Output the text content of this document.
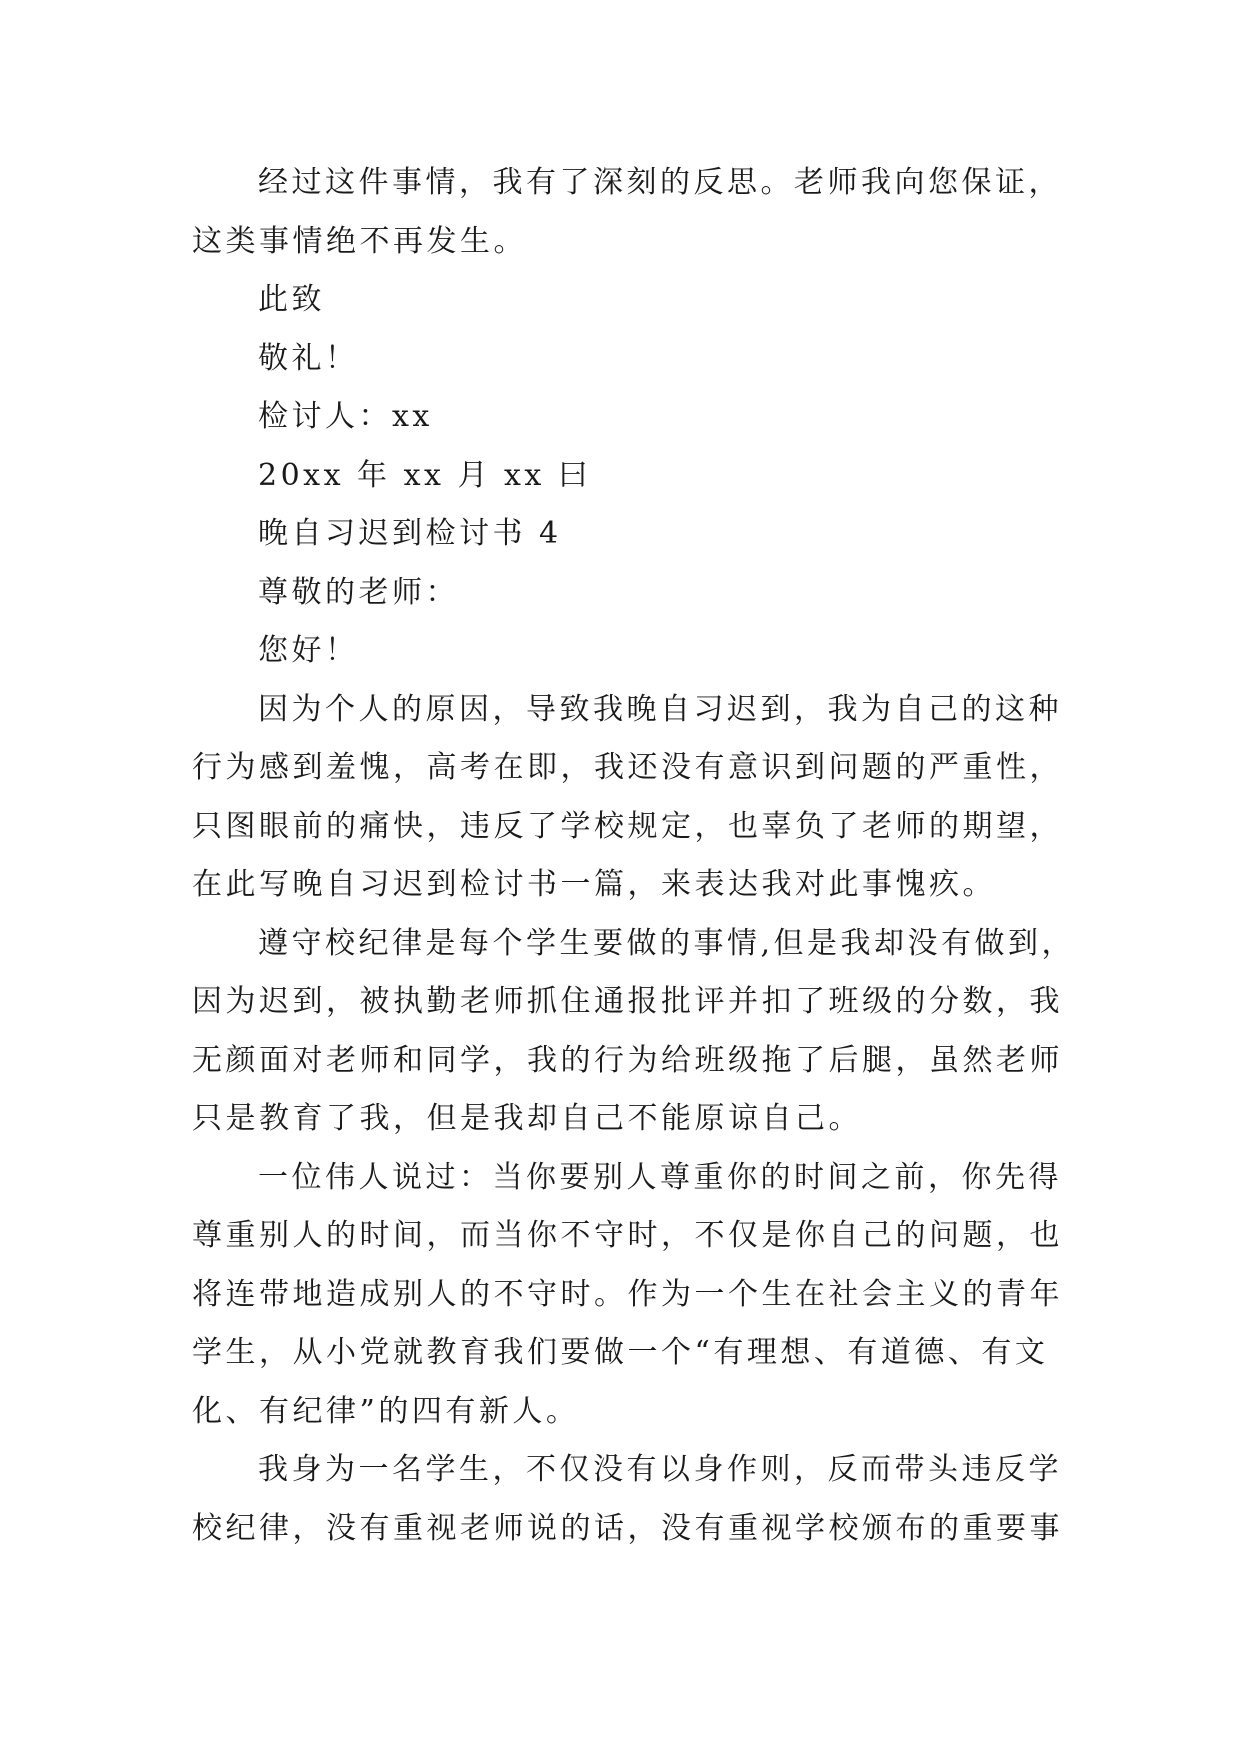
经过这件事情，我有了深刻的反思。老师我向您保证，
这类事情绝不再发生。
此致
敬礼！
检讨人：xx
20xx 年 xx 月 xx 曰
晚自习迟到检讨书 4
尊敬的老师：
您好！
因为个人的原因，导致我晚自习迟到，我为自己的这种
行为感到羞愧，高考在即，我还没有意识到问题的严重性，
只图眼前的痛快，违反了学校规定，也辜负了老师的期望，
在此写晚自习迟到检讨书一篇，来表达我对此事愧疚。
遵守校纪律是每个学生要做的事情,但是我却没有做到，
因为迟到，被执勤老师抓住通报批评并扣了班级的分数，我
无颜面对老师和同学，我的行为给班级拖了后腿，虽然老师
只是教育了我，但是我却自己不能原谅自己。
一位伟人说过：当你要别人尊重你的时间之前，你先得
尊重别人的时间，而当你不守时，不仅是你自己的问题，也
将连带地造成别人的不守时。作为一个生在社会主义的青年
学生，从小党就教育我们要做一个“有理想、有道德、有文
化、有纪律”的四有新人。
我身为一名学生，不仅没有以身作则，反而带头违反学
校纪律，没有重视老师说的话，没有重视学校颁布的重要事
